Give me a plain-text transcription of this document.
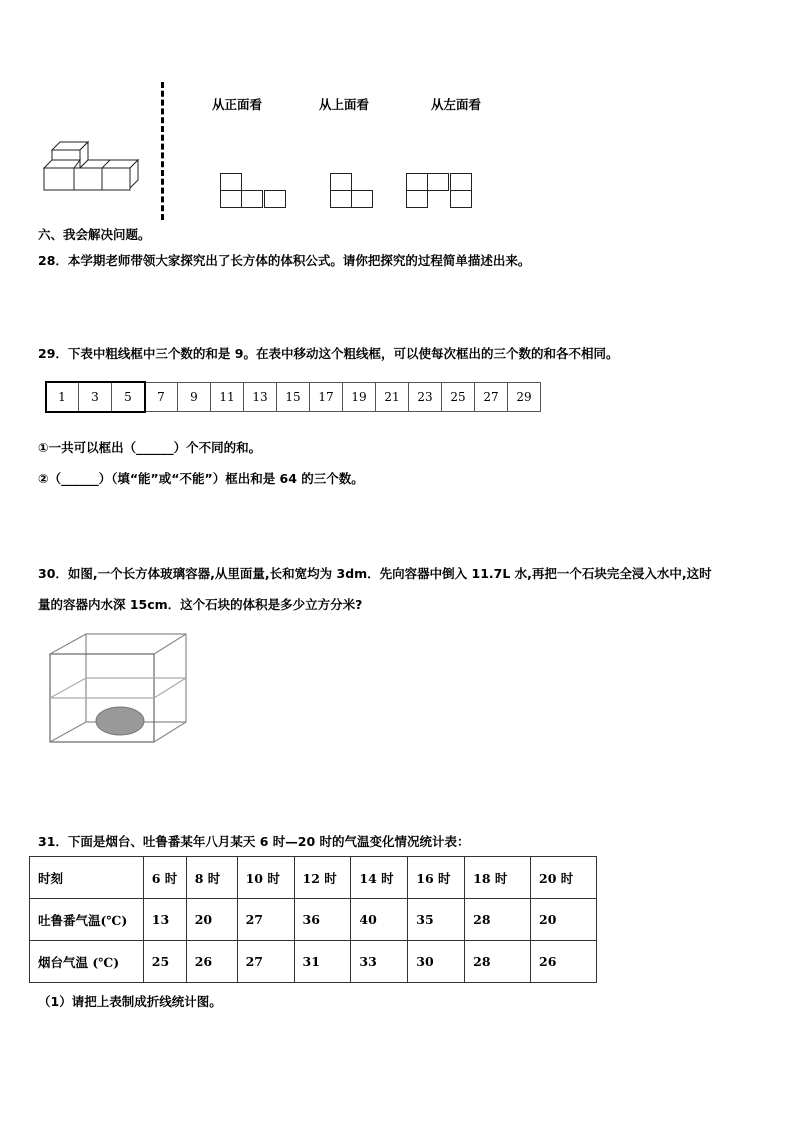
从正面看	从上面看	从左面看
六、我会解决问题。
28．本学期老师带领大家探究出了长方体的体积公式。请你把探究的过程简单描述出来。
29．下表中粗线框中三个数的和是 9。在表中移动这个粗线框，可以使每次框出的三个数的和各不相同。
1	3	5	7	9	11	13	15	17	19	21	23	25	27	29
①一共可以框出（______）个不同的和。
②（______）（填“能”或“不能”）框出和是 64 的三个数。
30．如图,一个长方体玻璃容器,从里面量,长和宽均为 3dm．先向容器中倒入 11.7L 水,再把一个石块完全浸入水中,这时
量的容器内水深 15cm．这个石块的体积是多少立方分米?
31．下面是烟台、吐鲁番某年八月某天 6 时—20 时的气温变化情况统计表：
时刻	6 时	8 时	10 时	12 时	14 时	16 时	18 时	20 时
吐鲁番气温(℃)	13	20	27	36	40	35	28	20
烟台气温 (℃)	25	26	27	31	33	30	28	26
（1）请把上表制成折线统计图。
